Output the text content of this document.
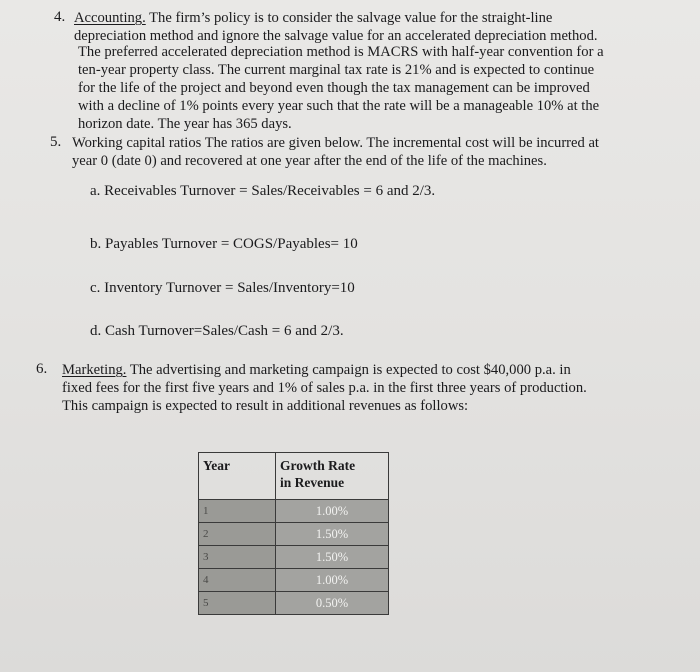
4. Accounting. The firm’s policy is to consider the salvage value for the straight-line
depreciation method and ignore the salvage value for an accelerated depreciation method.
The preferred accelerated depreciation method is MACRS with half-year convention for a
ten-year property class. The current marginal tax rate is 21% and is expected to continue
for the life of the project and beyond even though the tax management can be improved
with a decline of 1% points every year such that the rate will be a manageable 10% at the
horizon date. The year has 365 days.
5. Working capital ratios The ratios are given below. The incremental cost will be incurred at
year 0 (date 0) and recovered at one year after the end of the life of the machines.
a. Receivables Turnover = Sales/Receivables = 6 and 2/3.
b. Payables Turnover = COGS/Payables= 10
c. Inventory Turnover = Sales/Inventory=10
d. Cash Turnover=Sales/Cash = 6 and 2/3.
6. Marketing. The advertising and marketing campaign is expected to cost $40,000 p.a. in
fixed fees for the first five years and 1% of sales p.a. in the first three years of production.
This campaign is expected to result in additional revenues as follows:
Year	Growth Rate
in Revenue

1	1.00%
2	1.50%
3	1.50%
4	1.00%
5	0.50%
